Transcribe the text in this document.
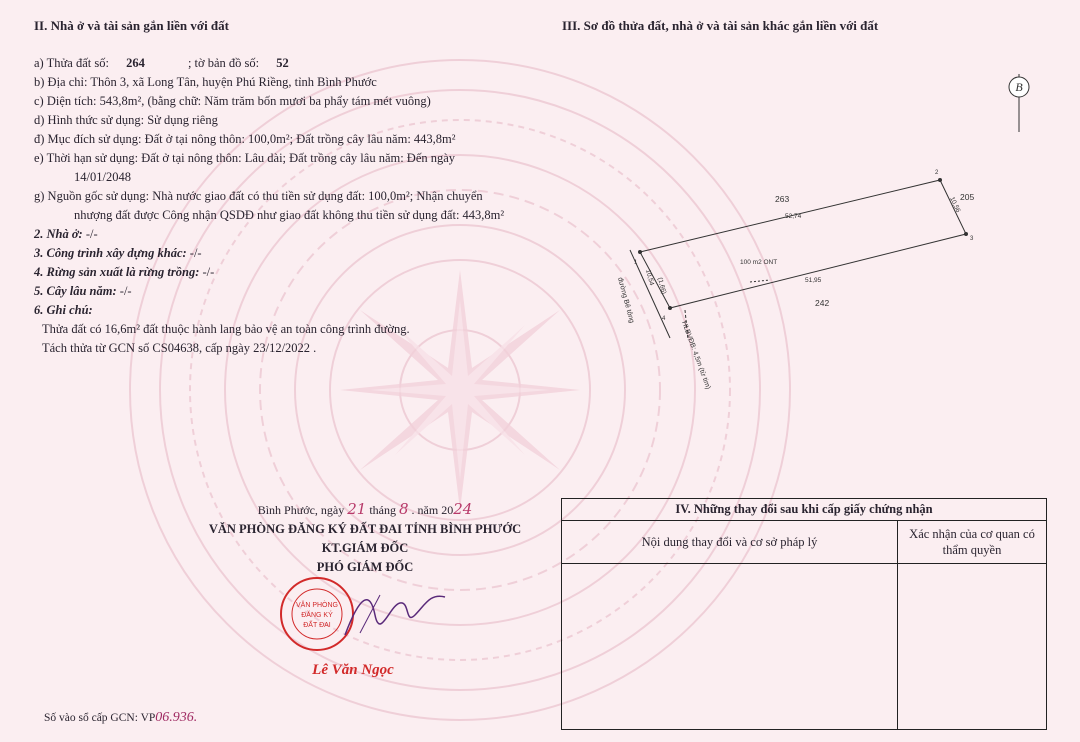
II. Nhà ở và tài sản gắn liền với đất	III. Sơ đồ thửa đất, nhà ở và tài sản khác gắn liền với đất
a) Thửa đất số: 264	; tờ bản đồ số: 52
b) Địa chỉ: Thôn 3, xã Long Tân, huyện Phú Riềng, tỉnh Bình Phước
c) Diện tích: 543,8m², (bằng chữ: Năm trăm bốn mươi ba phẩy tám mét vuông)
d) Hình thức sử dụng: Sử dụng riêng
đ) Mục đích sử dụng: Đất ở tại nông thôn: 100,0m²; Đất trồng cây lâu năm: 443,8m²
e) Thời hạn sử dụng: Đất ở tại nông thôn: Lâu dài; Đất trồng cây lâu năm: Đến ngày
14/01/2048
g) Nguồn gốc sử dụng: Nhà nước giao đất có thu tiền sử dụng đất: 100,0m²; Nhận chuyển
nhượng đất được Công nhận QSDĐ như giao đất không thu tiền sử dụng đất: 443,8m²
2. Nhà ở: -/-
3. Công trình xây dựng khác: -/-
4. Rừng sản xuất là rừng trồng: -/-
5. Cây lâu năm: -/-
6. Ghi chú:
Thửa đất có 16,6m² đất thuộc hành lang bảo vệ an toàn công trình đường.
Tách thửa từ GCN số CS04638, cấp ngày 23/12/2022 .
B
263	205
242
52,74
51,95
100 m2 ONT
10,56
10,54 (1,66)
đường Bê tông
HLBVĐB: 4,5m (từ tim)
1
2
3
4
Bình Phước, ngày 21 tháng 8 . năm 2024
VĂN PHÒNG ĐĂNG KÝ ĐẤT ĐAI TỈNH BÌNH PHƯỚC
KT.GIÁM ĐỐC
PHÓ GIÁM ĐỐC
VĂN PHÒNG
ĐĂNG KÝ
ĐẤT ĐAI
Lê Văn Ngọc
Số vào sổ cấp GCN: VP06.936.
IV. Những thay đổi sau khi cấp giấy chứng nhận
Nội dung thay đổi và cơ sở pháp lý
Xác nhận của cơ quan có thẩm quyền
